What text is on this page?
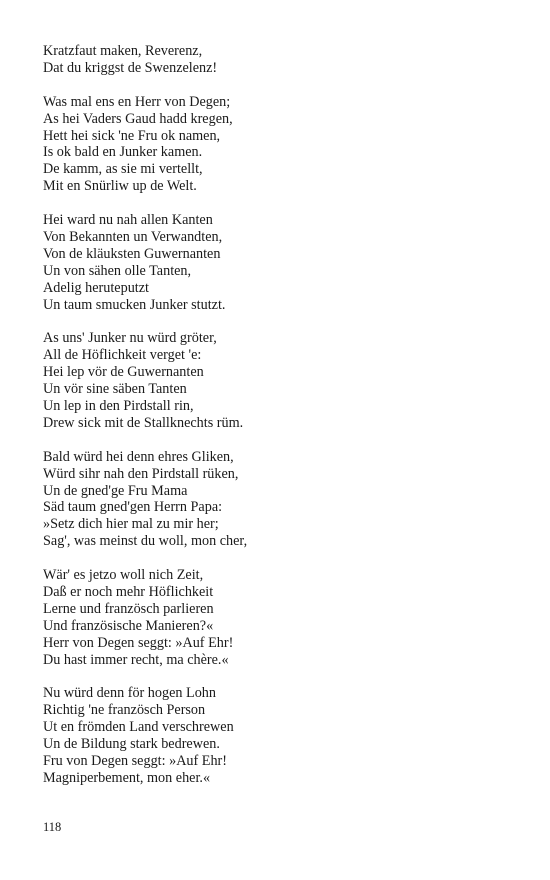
Kratzfaut maken, Reverenz,
Dat du kriggst de Swenzelenz!
Was mal ens en Herr von Degen;
As hei Vaders Gaud hadd kregen,
Hett hei sick 'ne Fru ok namen,
Is ok bald en Junker kamen.
De kamm, as sie mi vertellt,
Mit en Snürliw up de Welt.
Hei ward nu nah allen Kanten
Von Bekannten un Verwandten,
Von de kläuksten Guwernanten
Un von sähen olle Tanten,
Adelig heruteputzt
Un taum smucken Junker stutzt.
As uns' Junker nu würd gröter,
All de Höflichkeit verget 'e:
Hei lep vör de Guwernanten
Un vör sine säben Tanten
Un lep in den Pirdstall rin,
Drew sick mit de Stallknechts rüm.
Bald würd hei denn ehres Gliken,
Würd sihr nah den Pirdstall rüken,
Un de gned'ge Fru Mama
Säd taum gned'gen Herrn Papa:
»Setz dich hier mal zu mir her;
Sag', was meinst du woll, mon cher,
Wär' es jetzo woll nich Zeit,
Daß er noch mehr Höflichkeit
Lerne und französch parlieren
Und französische Manieren?«
Herr von Degen seggt: »Auf Ehr!
Du hast immer recht, ma chère.«
Nu würd denn för hogen Lohn
Richtig 'ne französch Person
Ut en frömden Land verschrewen
Un de Bildung stark bedrewen.
Fru von Degen seggt: »Auf Ehr!
Magniperbement, mon eher.«
118
